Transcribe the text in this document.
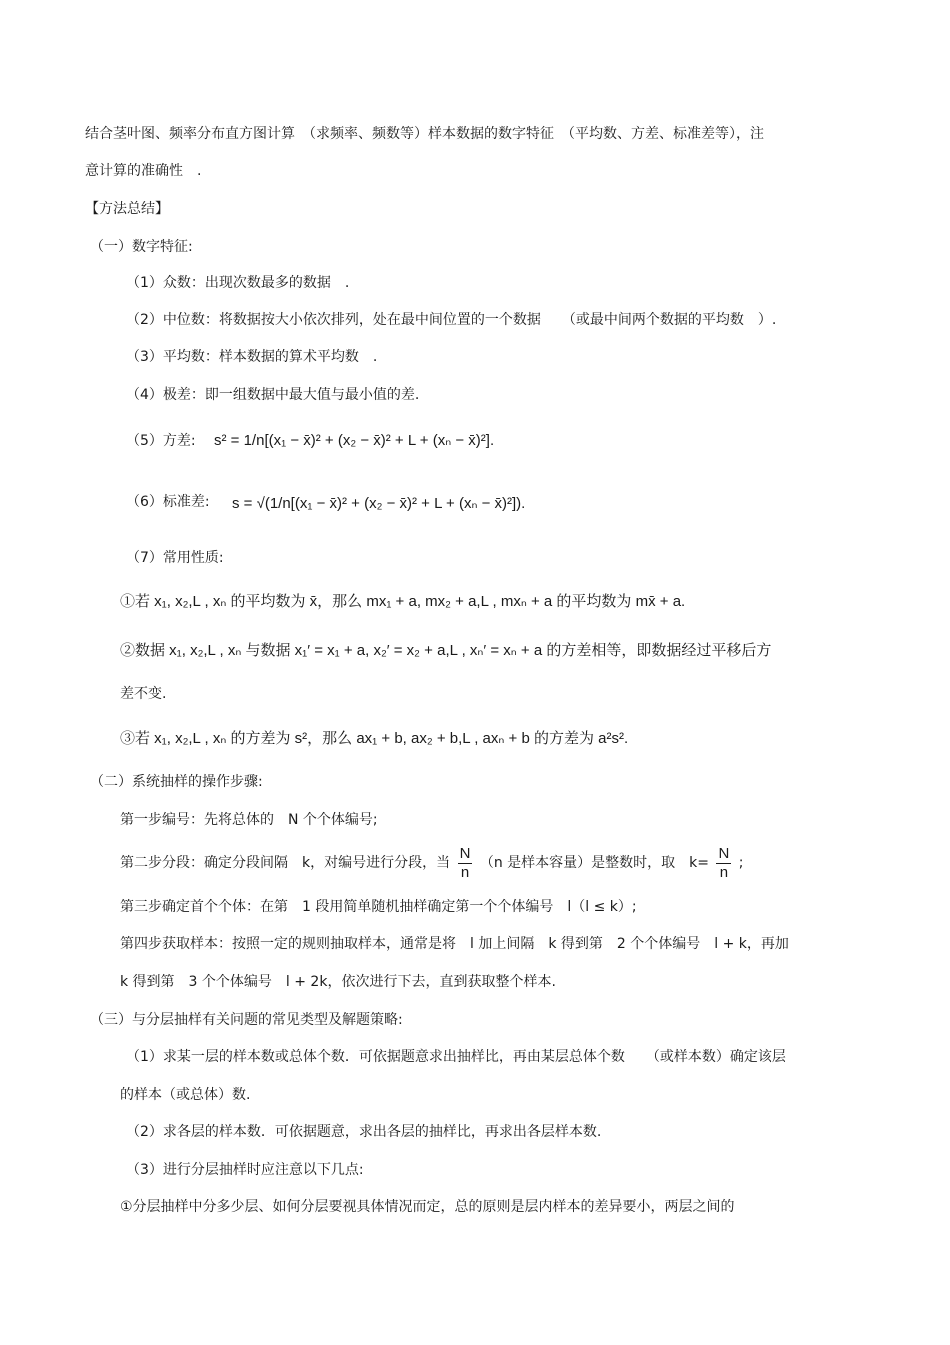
结合茎叶图、频率分布直方图计算　（求频率、频数等）样本数据的数字特征　（平均数、方差、标准差等），注
意计算的准确性　.
【方法总结】
（一）数字特征:
（1）众数：出现次数最多的数据　.
（2）中位数：将数据按大小依次排列，处在最中间位置的一个数据　　（或最中间两个数据的平均数　）.
（3）平均数：样本数据的算术平均数　.
（4）极差：即一组数据中最大值与最小值的差.
（5）方差: s² = 1/n[(x₁ − x̄)² + (x₂ − x̄)² + L + (xₙ − x̄)²].
（6）标准差: s = √(1/n[(x₁ − x̄)² + (x₂ − x̄)² + L + (xₙ − x̄)²]).
（7）常用性质:
①若 x₁, x₂,L , xₙ 的平均数为 x̄，那么 mx₁ + a, mx₂ + a,L , mxₙ + a 的平均数为 mx̄ + a.
②数据 x₁, x₂,L , xₙ 与数据 x₁′ = x₁ + a, x₂′ = x₂ + a,L , xₙ′ = xₙ + a 的方差相等，即数据经过平移后方
差不变.
③若 x₁, x₂,L , xₙ 的方差为 s²，那么 ax₁ + b, ax₂ + b,L , axₙ + b 的方差为 a²s².
（二）系统抽样的操作步骤:
第一步编号：先将总体的　N 个个体编号;
第二步分段：确定分段间隔　k，对编号进行分段，当 $\frac{N}{n} (n$ 是样本容量）是整数时，取　$k= \frac{N}{n}$ ;
第三步确定首个个体：在第　1 段用简单随机抽样确定第一个个体编号　l（l ≤ k）;
第四步获取样本：按照一定的规则抽取样本，通常是将　l 加上间隔　k 得到第　2 个个体编号　l + k，再加
k 得到第　3 个个体编号　l + 2k，依次进行下去，直到获取整个样本.
（三）与分层抽样有关问题的常见类型及解题策略:
（1）求某一层的样本数或总体个数．可依据题意求出抽样比，再由某层总体个数　　（或样本数）确定该层
的样本（或总体）数.
（2）求各层的样本数．可依据题意，求出各层的抽样比，再求出各层样本数.
（3）进行分层抽样时应注意以下几点:
①分层抽样中分多少层、如何分层要视具体情况而定，总的原则是层内样本的差异要小，两层之间的
